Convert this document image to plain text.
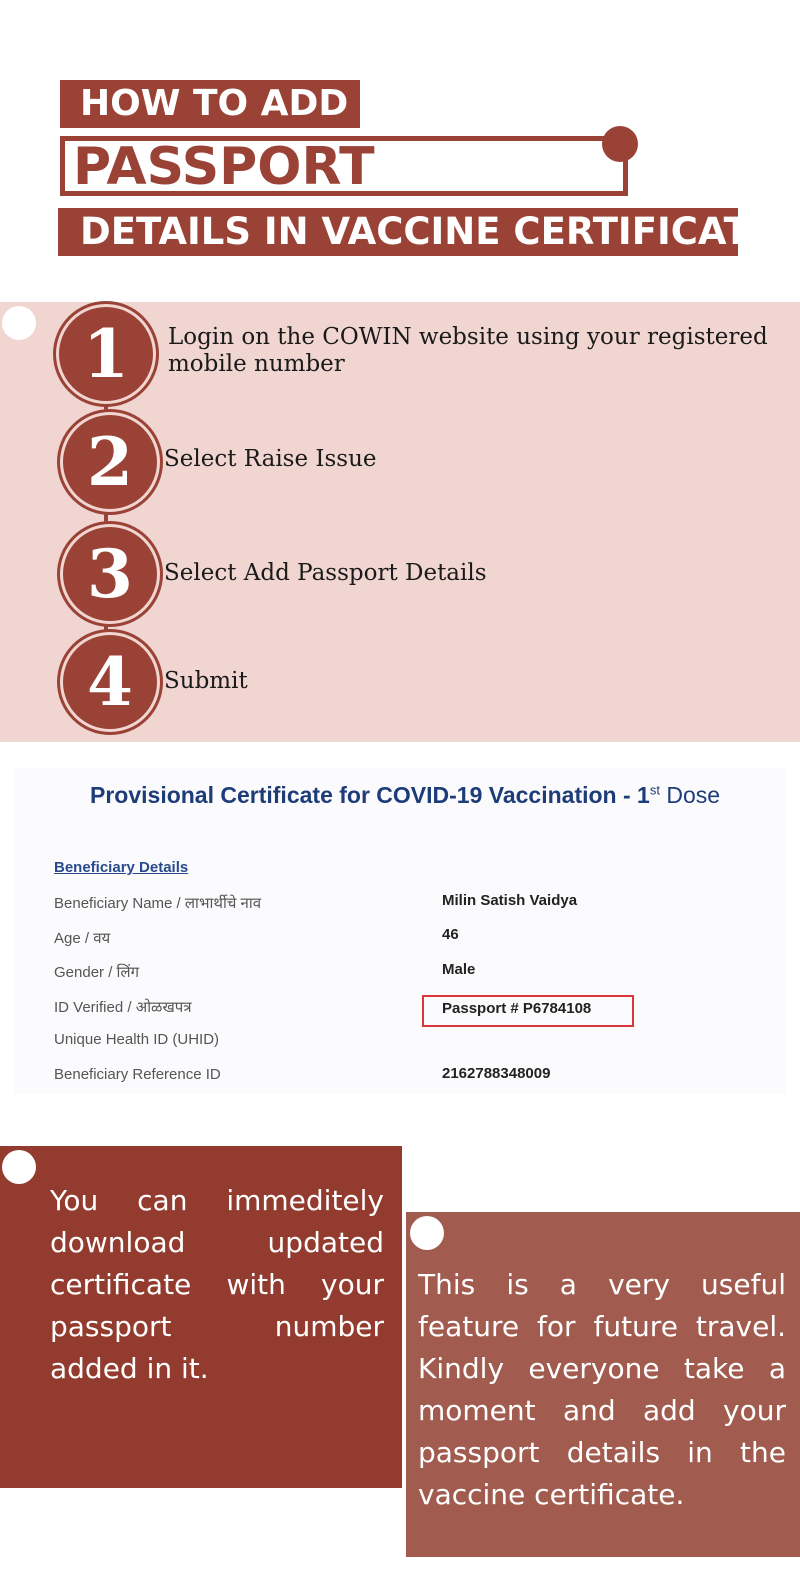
HOW TO ADD
PASSPORT
DETAILS IN VACCINE CERTIFICATE
1	Login on the COWIN website using your registered mobile number
2	Select Raise Issue
3	Select Add Passport Details
4	Submit
Provisional Certificate for COVID-19 Vaccination - 1st Dose
Beneficiary Details
Beneficiary Name / लाभार्थीचे नाव	Milin Satish Vaidya
Age / वय	46
Gender / लिंग	Male
ID Verified / ओळखपत्र	Passport # P6784108
Unique Health ID (UHID)
Beneficiary Reference ID	2162788348009
You can immeditely download updated certificate with your passport number added in it.
This is a very useful feature for future travel. Kindly everyone take a moment and add your passport details in the vaccine certificate.
